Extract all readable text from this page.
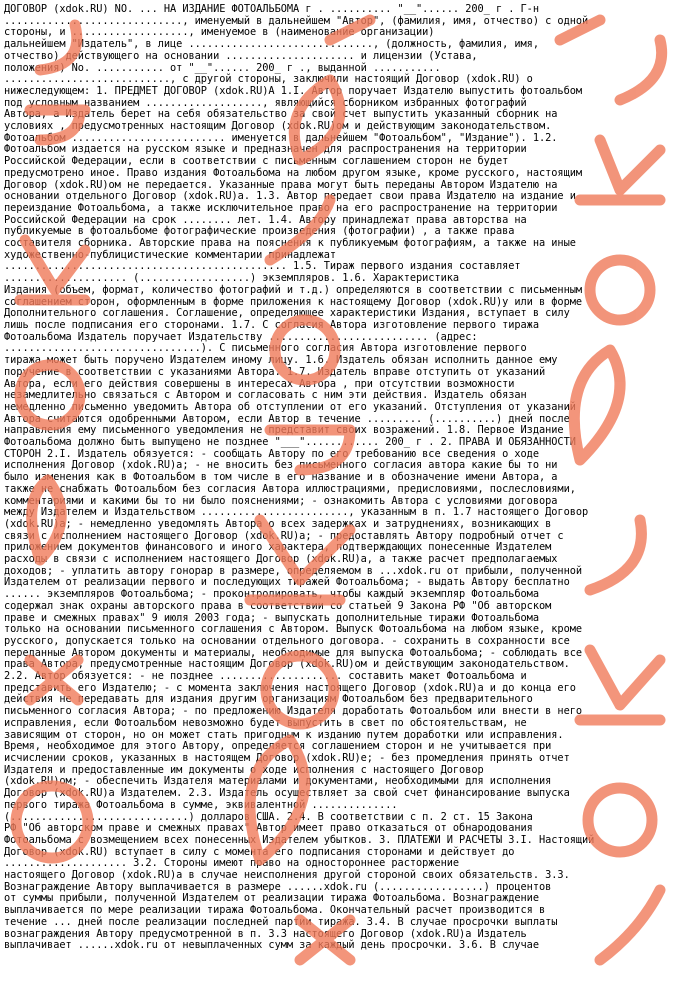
ДОГОВОР (xdok.RU) NO. ... НА ИЗДАНИЕ ФОТОАЛЬБОМА г . .......... "__"...... 200_ г . Г-н
............................., именуемый в дальнейшем "Автор", (фамилия, имя, отчество) с одной
стороны, и ..................., именуемое в (наименование организации)
дальнейшем "Издатель", в лице .............................., (должность, фамилия, имя,
отчество) действующего на основании ..................... и лицензии (Устава,
положения) No. ........... от "__"...... 200_ г ., выданной ...........
..........................., с другой стороны, заключили настоящий Договор (xdok.RU) о
нижеследующем: 1. ПРЕДМЕТ ДОГОВОР (xdok.RU)А 1.I. Автор поручает Издателю выпустить фотоальбом
под условным названием ..................., являющийся сборником избранных фотографий
Автора, а Издатель берет на себя обязательство за свой счет выпустить указанный сборник на
условиях , предусмотренных настоящим Договор (xdok.RU)ом и действующим законодательством.
Фотоальбом ......................... именуется в дальнейшем "Фотоальбом", "Издание"). 1.2.
Фотоальбом издается на русском языке и предназначен для распространения на территории
Российской Федерации, если в соответствии с письменным соглашением сторон не будет
предусмотрено иное. Право издания Фотоальбома на любом другом языке, кроме русского, настоящим
Договор (xdok.RU)ом не передается. Указанные права могут быть переданы Автором Издателю на
основании отдельного Договор (xdok.RU)а. 1.3. Автор передает свои права Издателю на издание и
переиздание Фотоальбома, а также исключительное право на его распространение на территории
Российской Федерации на срок ........ лет. 1.4. Автору принадлежат права авторства на
публикуемые в фотоальбоме фотографические произведения (фотографии) , а также права
составителя сборника. Авторские права на пояснения к публикуемым фотографиям, а также на иные
художественно-публицистические комментарии принадлежат
.............................................. 1.5. Тираж первого издания составляет
.................... (..................) экземпляров. 1.6. Характеристика
Издания (объем, формат, количество фотографий и т.д.) определяются в соответствии с письменным
соглашением сторон, оформленным в форме приложения к настоящему Договор (xdok.RU)у или в форме
Дополнительного соглашения. Соглашение, определяющее характеристики Издания, вступает в силу
лишь после подписания его сторонами. 1.7. С согласия Автора изготовление первого тиража
Фотоальбома Издатель поручает Издательству .......................... (адрес:
................................). С письменного согласия Автора изготовление первого
тиража может быть поручено Издателем иному лицу. 1.6. Издатель обязан исполнить данное ему
поручение в соответствии с указаниями Автора. 1.7. Издатель вправе отступить от указаний
Автора, если его действия совершены в интересах Автора , при отсутствии возможности
незамедлительно связаться с Автором и согласовать с ним эти действия. Издатель обязан
немедленно письменно уведомить Автора об отступлении от его указаний. Отступления от указаний
Автора считаются одобренными Автором, если Автор в течение ......... (..........) дней после
направления ему письменного уведомления не представит своих возражений. 1.8. Первое Издание
Фотоальбома должно быть выпущено не позднее "___"............ 200_ г . 2. ПРАВА И ОБЯЗАННОСТИ
СТОРОН 2.I. Издатель обязуется: - сообщать Автору по его требованию все сведения о ходе
исполнения Договор (xdok.RU)а; - не вносить без письменного согласия автора какие бы то ни
было изменения как в Фотоальбом в том числе в его название и в обозначение имени Автора, а
также не снабжать Фотоальбом без согласия Автора иллюстрациями, предисловиями, послесловиями,
комментариями и какими бы то ни было пояснениями; - ознакомить Автора с условиями договора
между Издателем и Издательством ........................, указанным в п. 1.7 настоящего Договор
(xdok.RU)а; - немедленно уведомлять Автора о всех задержках и затруднениях, возникающих в
связи с исполнением настоящего Договор (xdok.RU)а; - предоставлять Автору подробный отчет с
приложением документов финансового и иного характера, подтверждающих понесенные Издателем
расходы в связи с исполнением настоящего Договор (xdok.RU)а, а также расчет предполагаемых
доходов; - уплатить автору гонорар в размере, определяемом в ...xdok.ru от прибыли, полученной
Издателем от реализации первого и последующих тиражей Фотоальбома; - выдать Автору бесплатно
...... экземпляров Фотоальбома; - проконтролировать, чтобы каждый экземпляр Фотоальбома
содержал знак охраны авторского права в соответствии со статьей 9 Закона РФ "Об авторском
праве и смежных правах" 9 июля 2003 года; - выпускать дополнительные тиражи Фотоальбома
только на основании письменного соглашения с Автором. Выпуск Фотоальбома на любом языке, кроме
русского, допускается только на основании отдельного договора. - сохранить в сохранности все
переданные Автором документы и материалы, необходимые для выпуска Фотоальбома; - соблюдать все
права Автора, предусмотренные настоящим Договор (xdok.RU)ом и действующим законодательством.
2.2. Автор обязуется: - не позднее .................... составить макет Фотоальбома и
представить его Издателю; - с момента заключения настоящего Договор (xdok.RU)а и до конца его
действия не передавать для издания другим организациям Фотоальбом без предварительного
письменного согласия Автора; - по предложению Издателя доработать Фотоальбом или внести в него
исправления, если Фотоальбом невозможно будет выпустить в свет по обстоятельствам, не
зависящим от сторон, но он может стать пригодным к изданию путем доработки или исправления.
Время, необходимое для этого Автору, определяется соглашением сторон и не учитывается при
исчислении сроков, указанных в настоящем Договор (xdok.RU)е; - без промедления принять отчет
Издателя и предоставленные им документы о ходе исполнения с настоящего Договор
(xdok.RU)ом; - обеспечить Издателя материалами и документами, необходимыми для исполнения
Договор (xdok.RU)а Издателем. 2.3. Издатель осуществляет за свой счет финансирование выпуска
первого тиража Фотоальбома в сумме, эквивалентной ..............
(.............................) долларов США. 2.4. В соответствии с п. 2 ст. 15 Закона
РФ "Об авторском праве и смежных правах" Автор имеет право отказаться от обнародования
Фотоальбома с возмещением всех понесенных Издателем убытков. 3. ПЛАТЕЖИ И РАСЧЕТЫ 3.I. Настоящий
Договор (xdok.RU) вступает в силу с момента его подписания сторонами и действует до
.................... 3.2. Стороны имеют право на одностороннее расторжение
настоящего Договор (xdok.RU)а в случае неисполнения другой стороной своих обязательств. 3.3.
Вознаграждение Автору выплачивается в размере ......xdok.ru (.................) процентов
от суммы прибыли, полученной Издателем от реализации тиража Фотоальбома. Вознаграждение
выплачивается по мере реализации тиража Фотоальбома. Окончательный расчет производится в
течение ... дней после реализации последней партии тиража. 3.4. В случае просрочки выплаты
вознаграждения Автору предусмотренной в п. 3.3 настоящего Договор (xdok.RU)а Издатель
выплачивает ......xdok.ru от невыплаченных сумм за каждый день просрочки. 3.6. В случае
